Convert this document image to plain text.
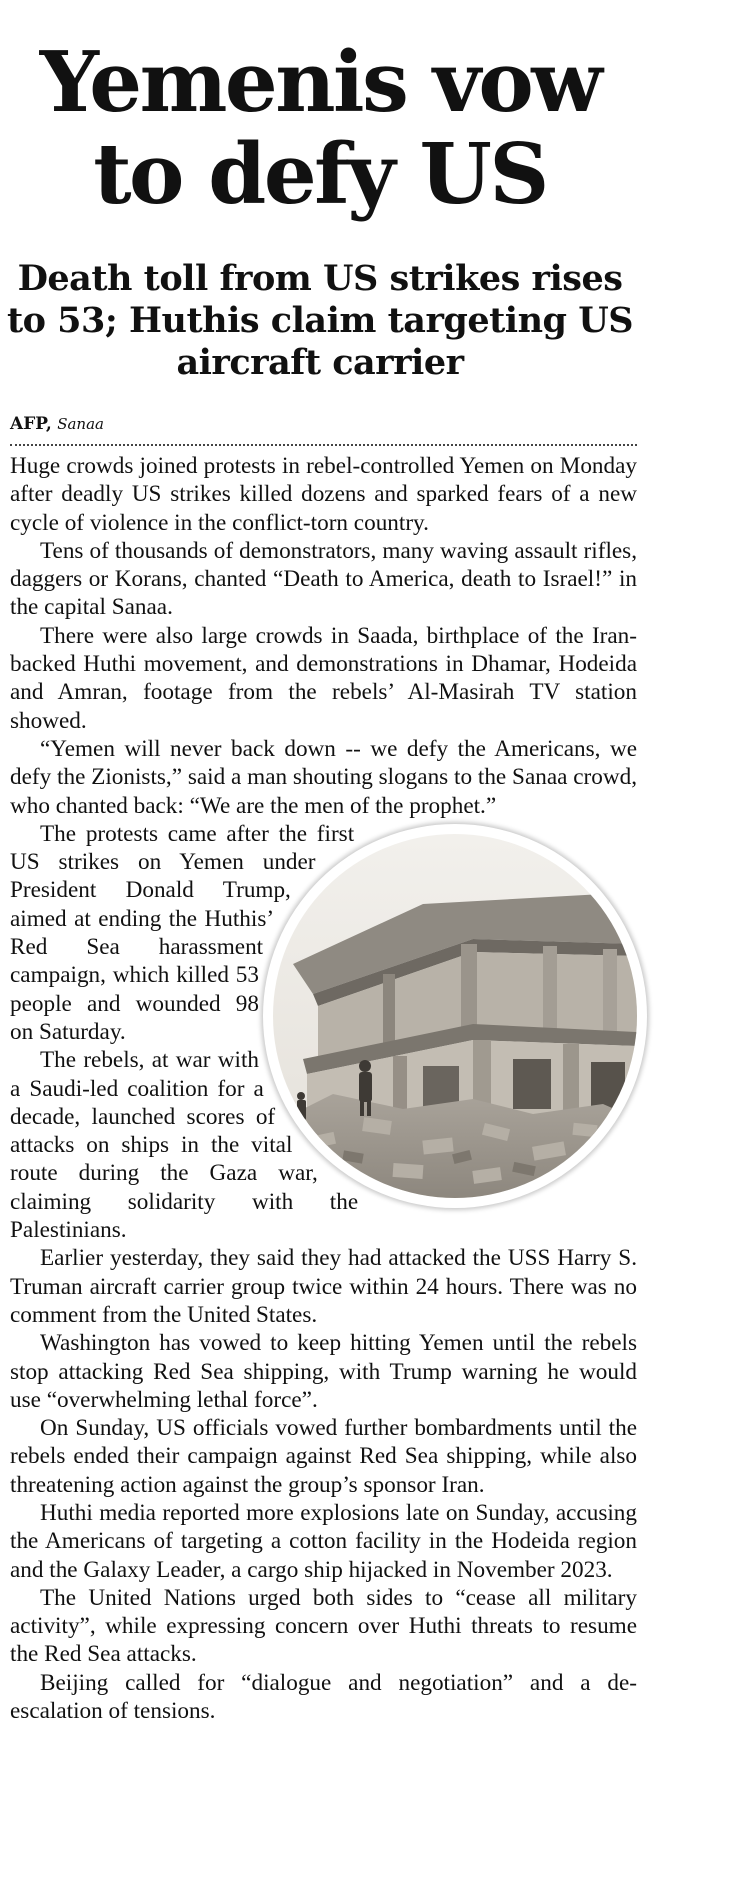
Yemenis vow
to defy US
Death toll from US strikes rises to 53; Huthis claim targeting US aircraft carrier
AFP, Sanaa

Huge crowds joined protests in rebel-controlled Yemen on Monday after deadly US strikes killed dozens and sparked fears of a new cycle of violence in the conflict-torn country.

Tens of thousands of demonstrators, many waving assault rifles, daggers or Korans, chanted “Death to America, death to Israel!” in the capital Sanaa.

There were also large crowds in Saada, birthplace of the Iran-backed Huthi movement, and demonstrations in Dhamar, Hodeida and Amran, footage from the rebels’ Al-Masirah TV station showed.

“Yemen will never back down -- we defy the Americans, we defy the Zionists,” said a man shouting slogans to the Sanaa crowd, who chanted back: “We are the men of the prophet.”

The protests came after the first US strikes on Yemen under President Donald Trump, aimed at ending the Huthis’ Red Sea harassment campaign, which killed 53 people and wounded 98 on Saturday.

The rebels, at war with a Saudi-led coalition for a decade, launched scores of attacks on ships in the vital route during the Gaza war, claiming solidarity with the Palestinians.

Earlier yesterday, they said they had attacked the USS Harry S. Truman aircraft carrier group twice within 24 hours. There was no comment from the United States.

Washington has vowed to keep hitting Yemen until the rebels stop attacking Red Sea shipping, with Trump warning he would use “overwhelming lethal force”.

On Sunday, US officials vowed further bombardments until the rebels ended their campaign against Red Sea shipping, while also threatening action against the group’s sponsor Iran.

Huthi media reported more explosions late on Sunday, accusing the Americans of targeting a cotton facility in the Hodeida region and the Galaxy Leader, a cargo ship hijacked in November 2023.

The United Nations urged both sides to “cease all military activity”, while expressing concern over Huthi threats to resume the Red Sea attacks.

Beijing called for “dialogue and negotiation” and a de-escalation of tensions.
